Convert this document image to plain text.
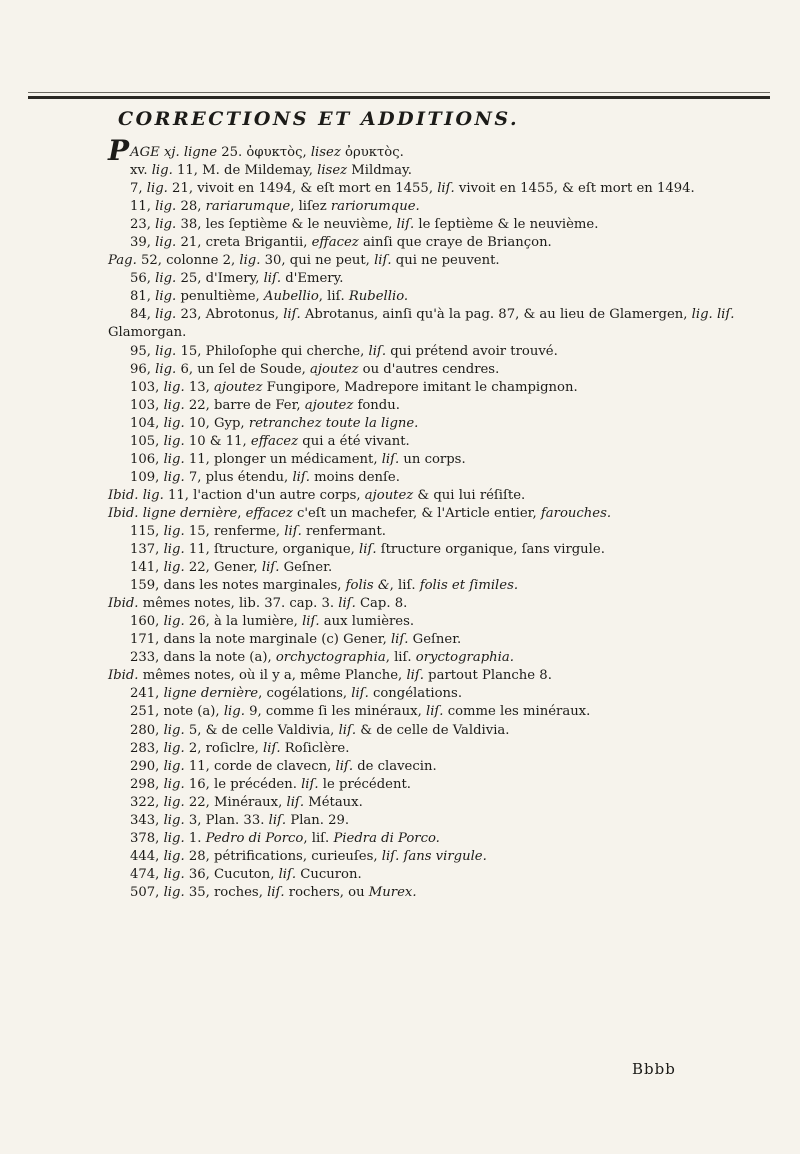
CORRECTIONS ET ADDITIONS.

PAGE xj. ligne 25. ὀφυκτὸς, lisez ὀρυκτὸς.

xv. lig. 11, M. de Mildemay, lisez Mildmay.

7, lig. 21, vivoit en 1494, & eſt mort en 1455, liſ. vivoit en 1455, & eſt mort en 1494.

11, lig. 28, rariarumque, liſez rariorumque.

23, lig. 38, les ſeptième & le neuvième, liſ. le ſeptième & le neuvième.

39, lig. 21, creta Brigantii, effacez ainſi que craye de Briançon.

Pag. 52, colonne 2, lig. 30, qui ne peut, liſ. qui ne peuvent.

56, lig. 25, d'Imery, liſ. d'Emery.

81, lig. penultième, Aubellio, liſ. Rubellio.

84, lig. 23, Abrotonus, liſ. Abrotanus, ainſi qu'à la pag. 87, & au lieu de Glamergen, lig. liſ. Glamorgan.

95, lig. 15, Philoſophe qui cherche, liſ. qui prétend avoir trouvé.

96, lig. 6, un ſel de Soude, ajoutez ou d'autres cendres.

103, lig. 13, ajoutez Fungipore, Madrepore imitant le champignon.

103, lig. 22, barre de Fer, ajoutez fondu.

104, lig. 10, Gyp, retranchez toute la ligne.

105, lig. 10 & 11, effacez qui a été vivant.

106, lig. 11, plonger un médicament, liſ. un corps.

109, lig. 7, plus étendu, liſ. moins denſe.

Ibid. lig. 11, l'action d'un autre corps, ajoutez & qui lui réſiſte.

Ibid. ligne dernière, effacez c'eſt un machefer, & l'Article entier, farouches.

115, lig. 15, renferme, liſ. renfermant.

137, lig. 11, ſtructure, organique, liſ. ſtructure organique, ſans virgule.

141, lig. 22, Gener, liſ. Geſner.

159, dans les notes marginales, folis &, liſ. folis et ſimiles.

Ibid. mêmes notes, lib. 37. cap. 3. liſ. Cap. 8.

160, lig. 26, à la lumière, liſ. aux lumières.

171, dans la note marginale (c) Gener, liſ. Geſner.

233, dans la note (a), orchyctographia, liſ. oryctographia.

Ibid. mêmes notes, où il y a, même Planche, liſ. partout Planche 8.

241, ligne dernière, cogélations, liſ. congélations.

251, note (a), lig. 9, comme ſi les minéraux, liſ. comme les minéraux.

280, lig. 5, & de celle Valdivia, liſ. & de celle de Valdivia.

283, lig. 2, roſiclre, liſ. Roſiclère.

290, lig. 11, corde de clavecn, liſ. de clavecin.

298, lig. 16, le précéden. liſ. le précédent.

322, lig. 22, Minéraux, liſ. Métaux.

343, lig. 3, Plan. 33. liſ. Plan. 29.

378, lig. 1. Pedro di Porco, liſ. Piedra di Porco.

444, lig. 28, pétrifications, curieuſes, liſ. ſans virgule.

474, lig. 36, Cucuton, liſ. Cucuron.

507, lig. 35, roches, liſ. rochers, ou Murex.

Bbbb
